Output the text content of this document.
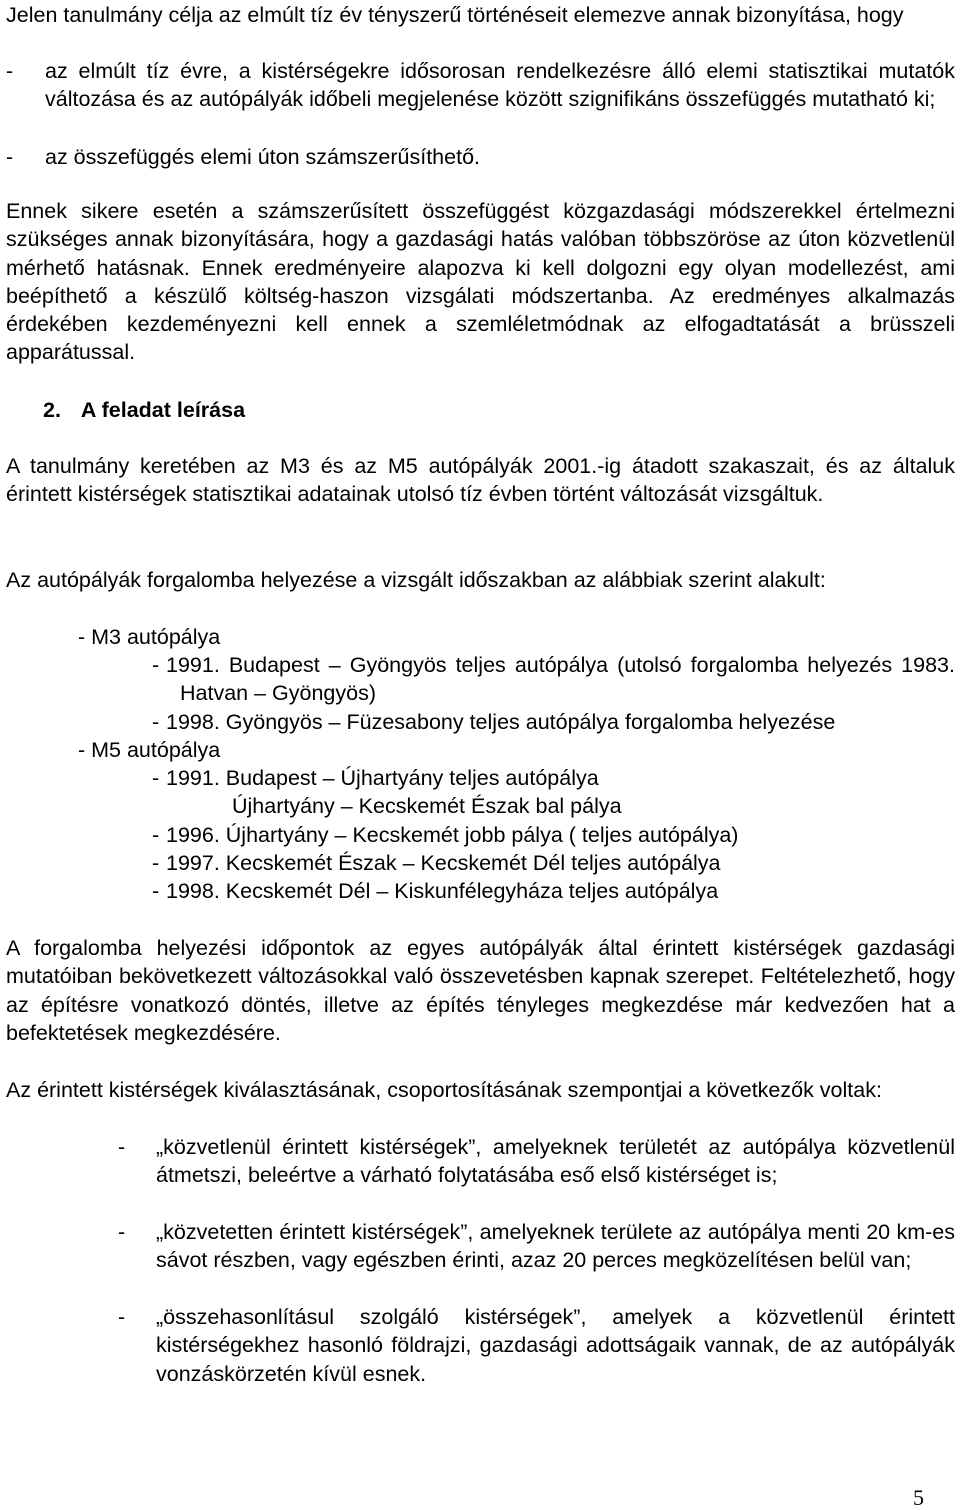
Jelen tanulmány célja az elmúlt tíz év tényszerű történéseit elemezve annak bizonyítása, hogy

-	az elmúlt tíz évre, a kistérségekre idősorosan rendelkezésre álló elemi statisztikai mutatók változása és az autópályák időbeli megjelenése között szignifikáns összefüggés mutatható ki;
-	az összefüggés elemi úton számszerűsíthető.

Ennek sikere esetén a számszerűsített összefüggést közgazdasági módszerekkel értelmezni szükséges annak bizonyítására, hogy a gazdasági hatás valóban többszöröse az úton közvetlenül mérhető hatásnak. Ennek eredményeire alapozva ki kell dolgozni egy olyan modellezést, ami beépíthető a készülő költség-haszon vizsgálati módszertanba. Az eredményes alkalmazás érdekében kezdeményezni kell ennek a szemléletmódnak az elfogadtatását a brüsszeli apparátussal.

2. A feladat leírása

A tanulmány keretében az M3 és az M5 autópályák 2001.-ig átadott szakaszait, és az általuk érintett kistérségek statisztikai adatainak utolsó tíz évben történt változását vizsgáltuk.

Az autópályák forgalomba helyezése a vizsgált időszakban az alábbiak szerint alakult:

- M3 autópálya
- 1991. Budapest – Gyöngyös teljes autópálya (utolsó forgalomba helyezés 1983. Hatvan – Gyöngyös)
- 1998. Gyöngyös – Füzesabony teljes autópálya forgalomba helyezése
- M5 autópálya
- 1991. Budapest – Újhartyány teljes autópálya
Újhartyány – Kecskemét Észak bal pálya
- 1996. Újhartyány – Kecskemét jobb pálya ( teljes autópálya)
- 1997. Kecskemét Észak – Kecskemét Dél teljes autópálya
- 1998. Kecskemét Dél – Kiskunfélegyháza teljes autópálya

A forgalomba helyezési időpontok az egyes autópályák által érintett kistérségek gazdasági mutatóiban bekövetkezett változásokkal való összevetésben kapnak szerepet. Feltételezhető, hogy az építésre vonatkozó döntés, illetve az építés tényleges megkezdése már kedvezően hat a befektetések megkezdésére.

Az érintett kistérségek kiválasztásának, csoportosításának szempontjai a következők voltak:

-	„közvetlenül érintett kistérségek”, amelyeknek területét az autópálya közvetlenül átmetszi, beleértve a várható folytatásába eső első kistérséget is;
-	„közvetetten érintett kistérségek”, amelyeknek területe az autópálya menti 20 km-es sávot részben, vagy egészben érinti, azaz 20 perces megközelítésen belül van;
-	„összehasonlításul szolgáló kistérségek”, amelyek a közvetlenül érintett kistérségekhez hasonló földrajzi, gazdasági adottságaik vannak, de az autópályák vonzáskörzetén kívül esnek.
5
